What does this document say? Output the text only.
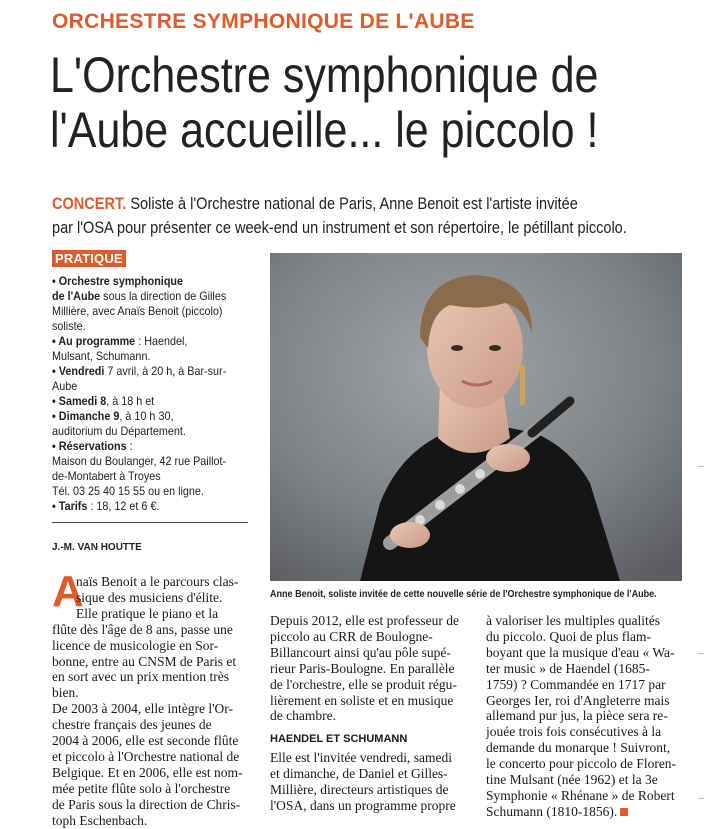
ORCHESTRE SYMPHONIQUE DE L'AUBE
L'Orchestre symphonique de
l'Aube accueille... le piccolo !
CONCERT. Soliste à l'Orchestre national de Paris, Anne Benoit est l'artiste invitée
par l'OSA pour présenter ce week-end un instrument et son répertoire, le pétillant piccolo.
PRATIQUE
• Orchestre symphonique
de l'Aube sous la direction de Gilles
Millière, avec Anaïs Benoit (piccolo)
soliste.
• Au programme : Haendel,
Mulsant, Schumann.
• Vendredi 7 avril, à 20 h, à Bar-sur-
Aube
• Samedi 8, à 18 h et
• Dimanche 9, à 10 h 30,
auditorium du Département.
• Réservations :
Maison du Boulanger, 42 rue Paillot-
de-Montabert à Troyes
Tél. 03 25 40 15 55 ou en ligne.
• Tarifs : 18, 12 et 6 €.
J.-M. VAN HOUTTE
Anne Benoit, soliste invitée de cette nouvelle série de l'Orchestre symphonique de l'Aube.
A
naïs Benoit a le parcours clas-
sique des musiciens d'élite.
Elle pratique le piano et la
flûte dès l'âge de 8 ans, passe une
licence de musicologie en Sor-
bonne, entre au CNSM de Paris et
en sort avec un prix mention très
bien.
De 2003 à 2004, elle intègre l'Or-
chestre français des jeunes de
2004 à 2006, elle est seconde flûte
et piccolo à l'Orchestre national de
Belgique. Et en 2006, elle est nom-
mée petite flûte solo à l'orchestre
de Paris sous la direction de Chris-
toph Eschenbach.
Depuis 2012, elle est professeur de
piccolo au CRR de Boulogne-
Billancourt ainsi qu'au pôle supé-
rieur Paris-Boulogne. En parallèle
de l'orchestre, elle se produit régu-
lièrement en soliste et en musique
de chambre.
HAENDEL ET SCHUMANN
Elle est l'invitée vendredi, samedi
et dimanche, de Daniel et Gilles-
Millière, directeurs artistiques de
l'OSA, dans un programme propre
à valoriser les multiples qualités
du piccolo. Quoi de plus flam-
boyant que la musique d'eau « Wa-
ter music » de Haendel (1685-
1759) ? Commandée en 1717 par
Georges Ier, roi d'Angleterre mais
allemand pur jus, la pièce sera re-
jouée trois fois consécutives à la
demande du monarque ! Suivront,
le concerto pour piccolo de Floren-
tine Mulsant (née 1962) et la 3e
Symphonie « Rhénane » de Robert
Schumann (1810-1856).
